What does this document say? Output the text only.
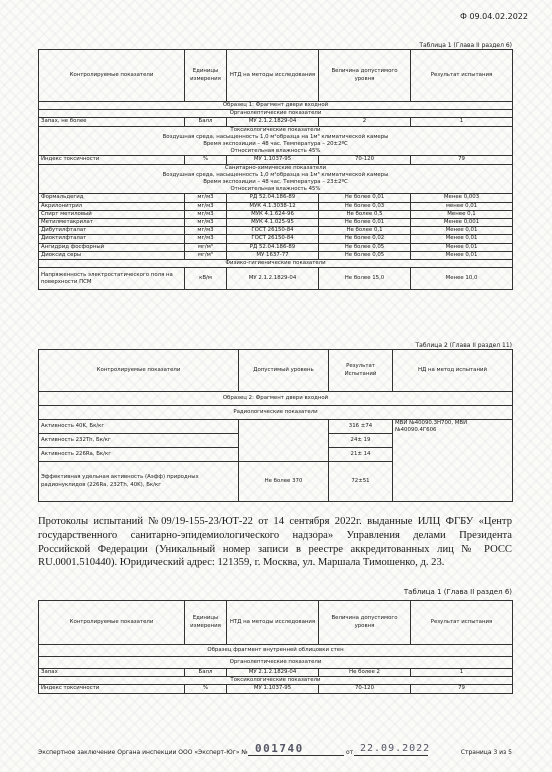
Ф 09.04.02.2022
Таблица 1 (Глава II раздел 6)
Контролируемые показатели	Единицы измерения	НТД на методы исследования	Величина допустимого уровня	Результат испытания
Образец 1: Фрагмент двери входной				
Органолептические показатели				
Запах, не более	Балл	МУ 2.1.2.1829-04	2	1

Токсикологические показатели
Воздушная среда, насыщенность 1,0 м²образца на 1м³ климатической камеры
Время экспозиции – 48 час. Температура – 20±2ºС
Относительная влажность 45%				

Индекс токсичности	%	МУ 1.1037-95	70-120	79

Санитарно-химические показатели
Воздушная среда, насыщенность 1,0 м²образца на 1м³ климатической камеры
Время экспозиции – 48 час. Температура – 23±2ºС
Относительная влажность 45%				

Формальдегид	мг/м3	РД 52.04.186-89	Не более 0,01	Менее 0,003
Акрилонитрил	мг/м3	МУК 4.1.3038-12	Не более 0,03	менее 0,01
Спирт метиловый	мг/м3	МУК 4.1.624-96	Не более 0,5	Менее 0,1
Метилметакрилат	мг/м3	МУК 4.1.025-95	Не более 0,01	Менее 0,001
Дибутилфталат	мг/м3	ГОСТ 26150-84	Не более 0,1	Менее 0,01
Диоктилфталат	мг/м3	ГОСТ 26150-84	Не более 0,02	Менее 0,01
Ангидрид фосфорный	мг/м³	РД 52.04.186-89	Не более 0,05	Менее 0,01
Диоксид серы	мг/м³	МУ 1637-77	Не более 0,05	Менее 0,01
Физико-гигиенические показатели				
Напряженность электростатического поля на поверхности ПСМ	кВ/м	МУ 2.1.2.1829-04	Не более 15,0	Менее 10,0
Таблица 2 (Глава II раздел 11)
Контролируемые показатели	Допустимый уровень	Результат Испытаний	НД на метод испытаний
Образец 2: Фрагмент двери входной			
Радиологические показатели			
Активность 40K, Бк/кг		316 ±74	МВИ №40090.3Н700, МВИ №40090.4Г606
Активность 232Th, Бк/кг		24± 19	
Активность 226Ra, Бк/кг		21± 14	
Эффективная удельная активность (Аэфф) природных радионуклидов (226Ra, 232Th, 40K), Бк/кг	Не более 370	72±51	
Протоколы испытаний №09/19-155-23/ЮТ-22 от 14 сентября 2022г. выданные ИЛЦ ФГБУ «Центр государственного санитарно-эпидемиологического надзора» Управления делами Президента Российской Федерации (Уникальный номер записи в реестре аккредитованных лиц № РОСС RU.0001.510440). Юридический адрес: 121359, г. Москва, ул. Маршала Тимошенко, д. 23.
Таблица 1 (Глава II раздел 6)
Контролируемые показатели	Единицы измерения	НТД на методы исследования	Величина допустимого уровня	Результат испытания
Образец фрагмент внутренней облицовки стен				
Органолептические показатели				
Запах	Балл	МУ 2.1.2.1829-04	Не более 2	1
Токсикологические показатели				
Индекс токсичности	%	МУ 1.1037-95	70-120	79
Экспертное заключение Органа инспекции ООО «Эксперт-Юг» № 001740	от 22.09.2022	Страница 3 из 5
